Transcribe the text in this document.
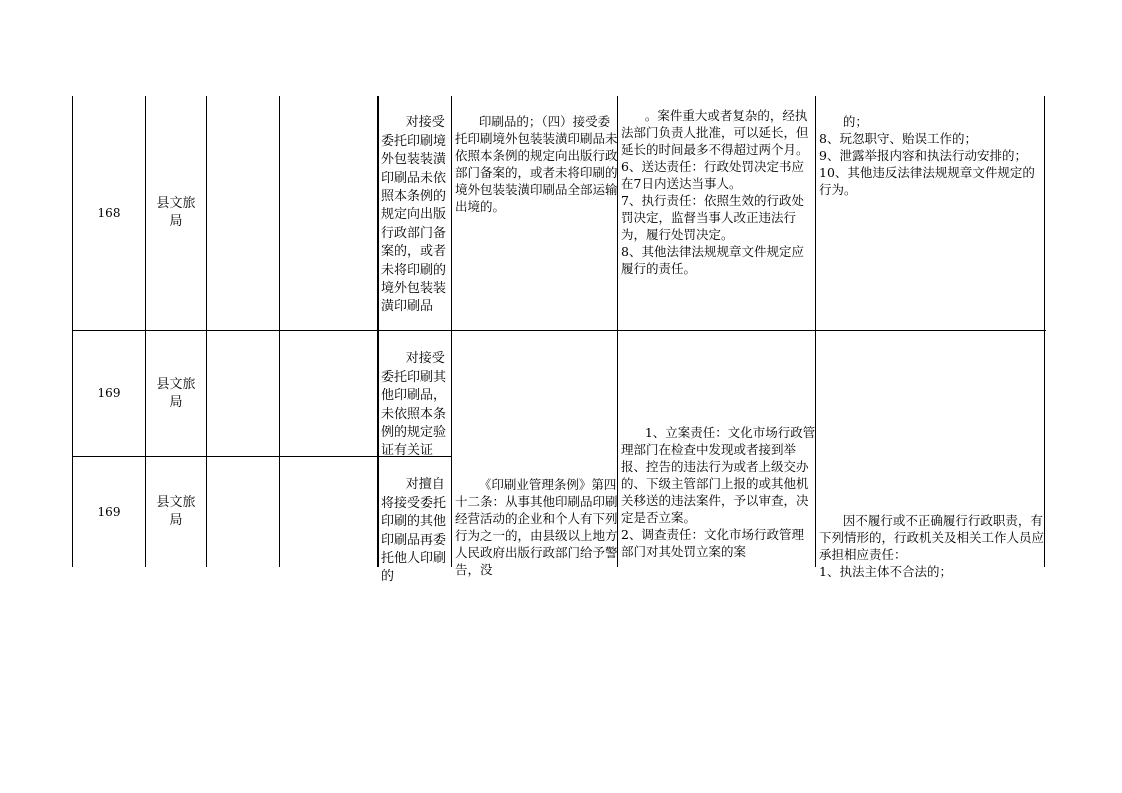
168
县文旅
局

对接受委托印刷境外包装装潢印刷品未依照本条例的规定向出版行政部门备案的，或者未将印刷的境外包装装潢印刷品

印刷品的；（四）接受委托印刷境外包装装潢印刷品未依照本条例的规定向出版行政部门备案的，或者未将印刷的境外包装装潢印刷品全部运输出境的。

。案件重大或者复杂的，经执法部门负责人批准，可以延长，但延长的时间最多不得超过两个月。
6、送达责任：行政处罚决定书应在7日内送达当事人。
7、执行责任：依照生效的行政处罚决定，监督当事人改正违法行为，履行处罚决定。
8、其他法律法规规章文件规定应履行的责任。

的；
8、玩忽职守、贻误工作的；
9、泄露举报内容和执法行动安排的；
10、其他违反法律法规规章文件规定的行为。

169
县文旅
局

对接受委托印刷其他印刷品，未依照本条例的规定验证有关证

169
县文旅
局

对擅自将接受委托印刷的其他印刷品再委托他人印刷的

《印刷业管理条例》第四十二条：从事其他印刷品印刷经营活动的企业和个人有下列行为之一的，由县级以上地方人民政府出版行政部门给予警告，没

1、立案责任：文化市场行政管理部门在检查中发现或者接到举报、控告的违法行为或者上级交办的、下级主管部门上报的或其他机关移送的违法案件，予以审查，决定是否立案。
2、调查责任：文化市场行政管理部门对其处罚立案的案

因不履行或不正确履行行政职责，有下列情形的，行政机关及相关工作人员应承担相应责任：
1、执法主体不合法的；
